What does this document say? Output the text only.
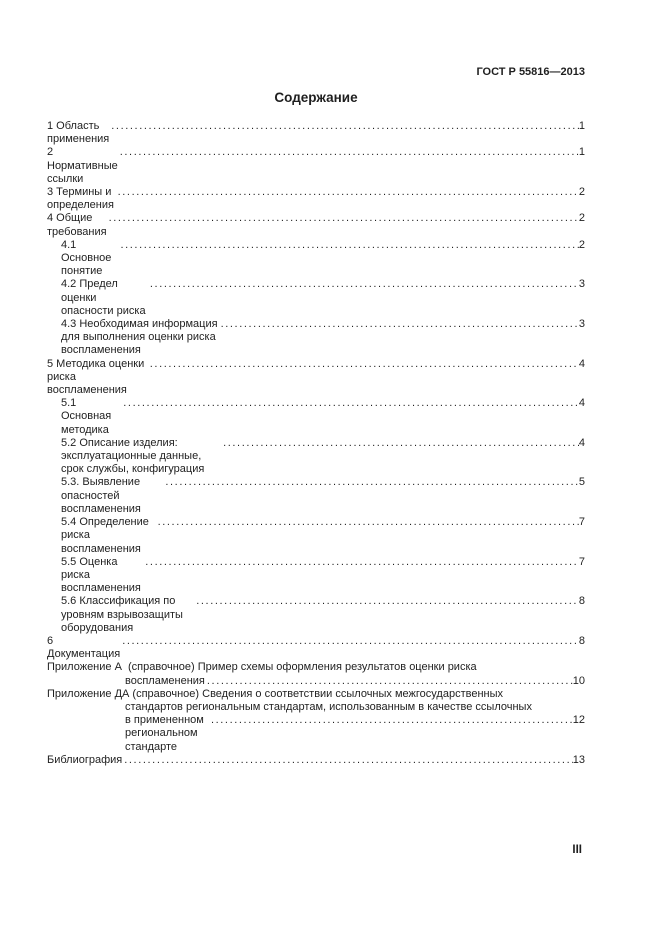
ГОСТ Р 55816—2013
Содержание
1 Область применения
.....
1
2 Нормативные ссылки
.....
1
3 Термины и определения
.....
2
4 Общие требования
.....
2
4.1 Основное понятие
.....
2
4.2 Предел оценки опасности риска
.....
3
4.3 Необходимая информация для выполнения оценки риска воспламенения
.....
3
5 Методика оценки риска воспламенения
.....
4
5.1 Основная методика
.....
4
5.2 Описание изделия: эксплуатационные данные, срок службы, конфигурация
.....
4
5.3. Выявление опасностей воспламенения
.....
5
5.4 Определение риска воспламенения
.....
7
5.5 Оценка риска воспламенения
.....
7
5.6 Классификация по уровням взрывозащиты оборудования
.....
8
6 Документация
.....
8
Приложение А  (справочное) Пример схемы оформления результатов оценки риска
воспламенения .....	10
Приложение ДА (справочное) Сведения о соответствии ссылочных межгосударственных
стандартов региональным стандартам, использованным в качестве ссылочных
в примененном региональном стандарте
.....
12
Библиография .....	13
III
